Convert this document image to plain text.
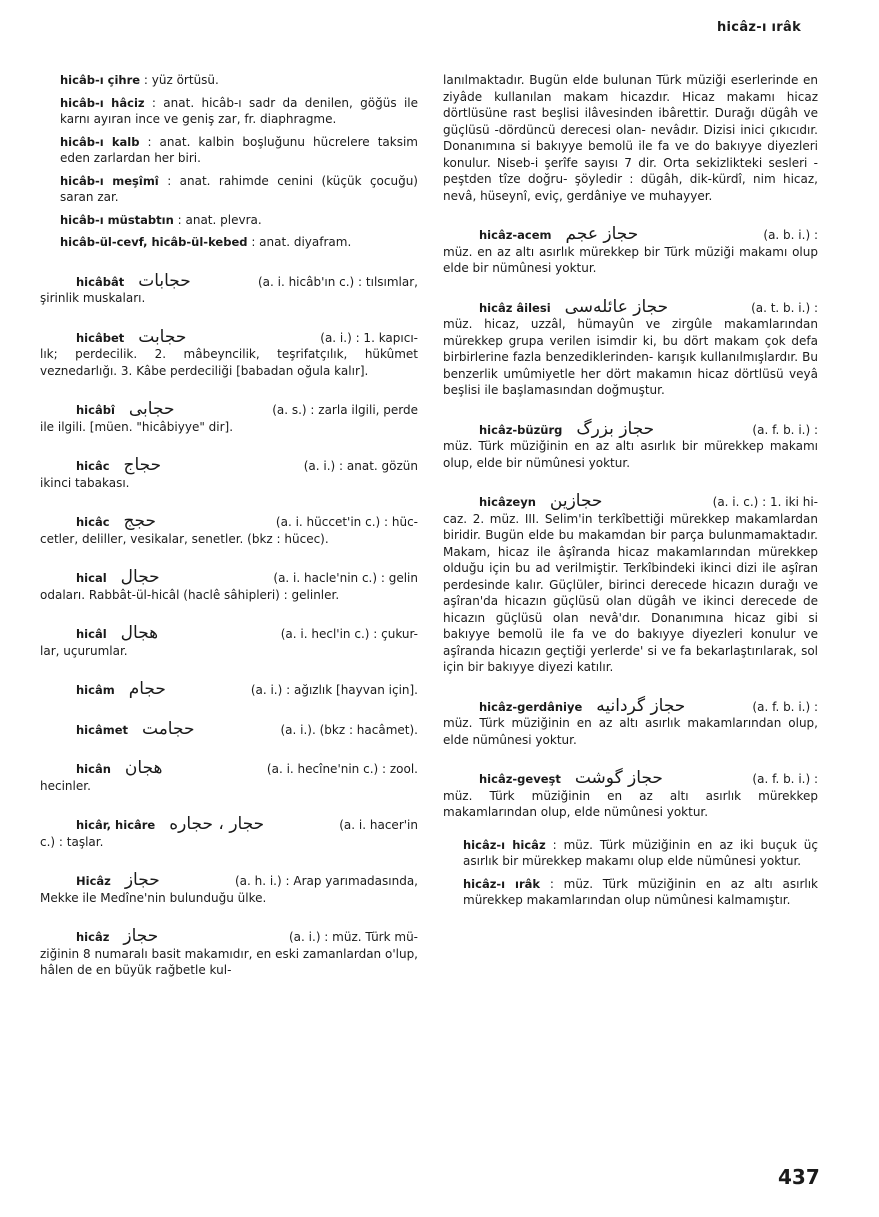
hicâz-ı ırâk
hicâb-ı çihre : yüz örtüsü.
hicâb-ı hâciz : anat. hicâb-ı sadr da denilen, göğüs ile karnı ayıran ince ve geniş zar, fr. diaphragme.
hicâb-ı kalb : anat. kalbin boşluğunu hücrelere taksim eden zarlardan her biri.
hicâb-ı meşîmî : anat. rahimde cenini (küçük çocuğu) saran zar.
hicâb-ı müstabtın : anat. plevra.
hicâb-ül-cevf, hicâb-ül-kebed : anat. diyafram.
hicâbât حجابات	(a. i. hicâb'ın c.) : tılsımlar,
şirinlik muskaları.
hicâbet حجابت	(a. i.) : 1. kapıcı-
lık; perdecilik. 2. mâbeyncilik, teşrifatçılık, hükûmet veznedarlığı. 3. Kâbe perdeciliği [babadan oğula kalır].
hicâbî حجابى	(a. s.) : zarla ilgili, perde
ile ilgili. [müen. "hicâbiyye" dir].
hicâc حجاج	(a. i.) : anat. gözün
ikinci tabakası.
hicâc حجج	(a. i. hüccet'in c.) : hüc-
cetler, deliller, vesikalar, senetler. (bkz : hücec).
hical حجال	(a. i. hacle'nin c.) : gelin
odaları. Rabbât-ül-hicâl (haclê sâhipleri) : gelinler.
hicâl هجال	(a. i. hecl'in c.) : çukur-
lar, uçurumlar.
hicâm حجام	(a. i.) : ağızlık [hayvan için].
hicâmet حجامت	(a. i.). (bkz : hacâmet).
hicân هجان	(a. i. hecîne'nin c.) : zool.
hecinler.
hicâr, hicâre حجار ، حجاره	(a. i. hacer'in
c.) : taşlar.
Hicâz حجاز	(a. h. i.) : Arap yarımadasında,
Mekke ile Medîne'nin bulunduğu ülke.
hicâz حجاز	(a. i.) : müz. Türk mü-
ziğinin 8 numaralı basit makamıdır, en eski zamanlardan o'lup, hâlen de en büyük rağbetle kul-
lanılmaktadır. Bugün elde bulunan Türk müziği eserlerinde en ziyâde kullanılan makam hicazdır. Hicaz makamı hicaz dörtlüsüne rast beşlisi ilâvesinden ibârettir. Durağı dügâh ve güçlüsü -dördüncü derecesi olan- nevâdır. Dizisi inici çıkıcıdır. Donanımına si bakıyye bemolü ile fa ve do bakıyye diyezleri konulur. Niseb-i şerîfe sayısı 7 dir. Orta sekizlikteki sesleri -peştden tîze doğru- şöyledir : dügâh, dik-kürdî, nim hicaz, nevâ, hüseynî, eviç, gerdâniye ve muhayyer.
hicâz-acem حجاز عجم	(a. b. i.) :
müz. en az altı asırlık mürekkep bir Türk müziği makamı olup elde bir nümûnesi yoktur.
hicâz âilesi حجاز عائله‌سى	(a. t. b. i.) :
müz. hicaz, uzzâl, hümayûn ve zirgûle makamlarından mürekkep grupa verilen isimdir ki, bu dört makam çok defa birbirlerine fazla benzediklerinden- karışık kullanılmışlardır. Bu benzerlik umûmiyetle her dört makamın hicaz dörtlüsü veyâ beşlisi ile başlamasından doğmuştur.
hicâz-büzürg حجاز بزرگ	(a. f. b. i.) :
müz. Türk müziğinin en az altı asırlık bir mürekkep makamı olup, elde bir nümûnesi yoktur.
hicâzeyn حجازين	(a. i. c.) : 1. iki hi-
caz. 2. müz. III. Selim'in terkîbettiği mürekkep makamlardan biridir. Bugün elde bu makamdan bir parça bulunmamaktadır. Makam, hicaz ile âşîranda hicaz makamlarından mürekkep olduğu için bu ad verilmiştir. Terkîbindeki ikinci dizi ile aşîran perdesinde kalır. Güçlüler, birinci derecede hicazın durağı ve aşîran'da hicazın güçlüsü olan dügâh ve ikinci derecede de hicazın güçlüsü olan nevâ'dır. Donanımına hicaz gibi si bakıyye bemolü ile fa ve do bakıyye diyezleri konulur ve aşîranda hicazın geçtiği yerlerde' si ve fa bekarlaştırılarak, sol için bir bakıyye diyezi katılır.
hicâz-gerdâniye حجاز گردانيه	(a. f. b. i.) :
müz. Türk müziğinin en az altı asırlık makamlarından olup, elde nümûnesi yoktur.
hicâz-geveşt حجاز گوشت	(a. f. b. i.) :
müz. Türk müziğinin en az altı asırlık mürekkep makamlarından olup, elde nümûnesi yoktur.
hicâz-ı hicâz : müz. Türk müziğinin en az iki buçuk üç asırlık bir mürekkep makamı olup elde nümûnesi yoktur.
hicâz-ı ırâk : müz. Türk müziğinin en az altı asırlık mürekkep makamlarından olup nümûnesi kalmamıştır.
437
